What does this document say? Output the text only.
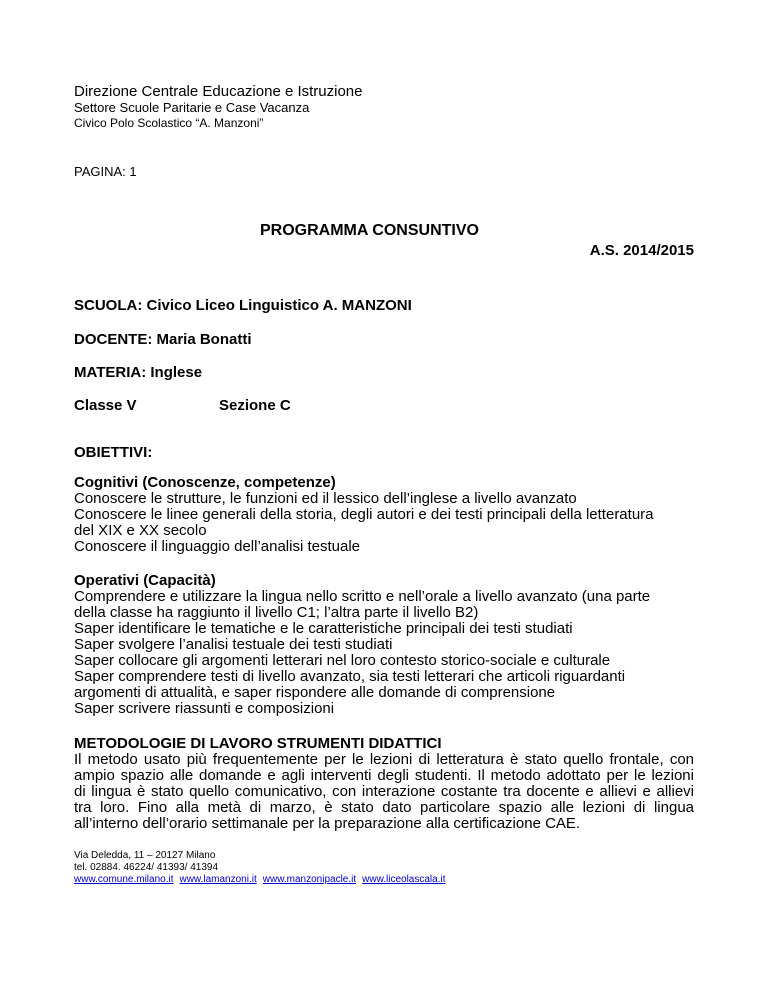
Direzione Centrale Educazione e Istruzione
Settore Scuole Paritarie e Case Vacanza
Civico Polo Scolastico “A. Manzoni”
PAGINA: 1
PROGRAMMA CONSUNTIVO
A.S. 2014/2015
SCUOLA: Civico Liceo Linguistico A. MANZONI
DOCENTE: Maria Bonatti
MATERIA: Inglese
Classe V	Sezione C
OBIETTIVI:
Cognitivi (Conoscenze, competenze)
Conoscere le strutture, le funzioni ed il lessico dell’inglese a livello avanzato
Conoscere le linee generali della storia, degli autori e dei testi principali della letteratura
del XIX e XX secolo
Conoscere il linguaggio dell’analisi testuale
Operativi (Capacità)
Comprendere e utilizzare la lingua nello scritto e nell’orale a livello avanzato (una parte
della classe ha raggiunto il livello C1; l’altra parte il livello B2)
Saper identificare le tematiche e le caratteristiche principali dei testi studiati
Saper svolgere l’analisi testuale dei testi studiati
Saper collocare gli argomenti letterari nel loro contesto storico-sociale e culturale
Saper comprendere testi di livello avanzato, sia testi letterari che articoli riguardanti
argomenti di attualità, e saper rispondere alle domande di comprensione
Saper scrivere riassunti e composizioni
METODOLOGIE DI LAVORO STRUMENTI DIDATTICI
Il metodo usato più frequentemente per le lezioni di letteratura è stato quello frontale, con
ampio spazio alle domande e agli interventi degli studenti. Il metodo adottato per le lezioni
di lingua è stato quello comunicativo, con interazione costante tra docente e allievi e allievi
tra loro. Fino alla metà di marzo, è stato dato particolare spazio alle lezioni di lingua
all’interno dell’orario settimanale per la preparazione alla certificazione CAE.
Via Deledda, 11 – 20127 Milano
tel. 02884. 46224/ 41393/ 41394
www.comune.milano.it www.lamanzoni.it www.manzonipacle.it www.liceolascala.it
